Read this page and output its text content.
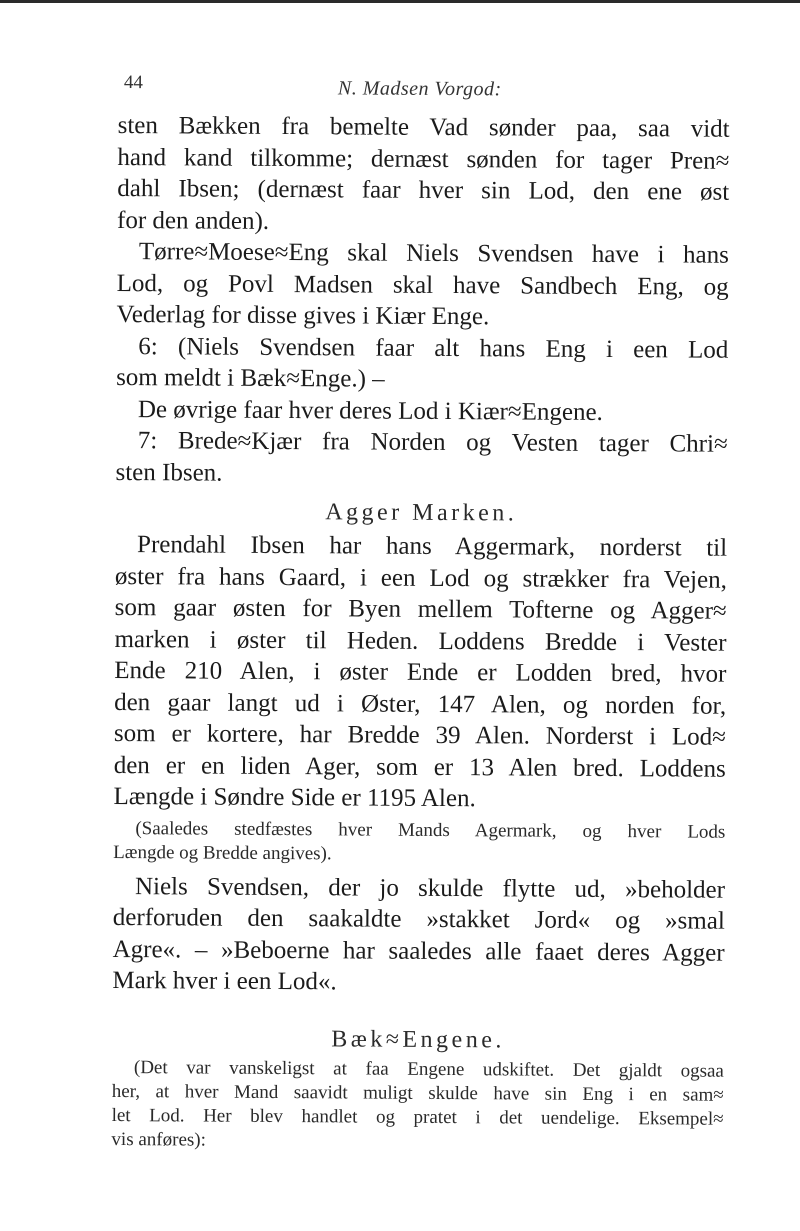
44	N. Madsen Vorgod:

sten Bækken fra bemelte Vad sønder paa, saa vidt
hand kand tilkomme; dernæst sønden for tager Pren≈
dahl Ibsen; (dernæst faar hver sin Lod, den ene øst
for den anden).

Tørre≈Moese≈Eng skal Niels Svendsen have i hans
Lod, og Povl Madsen skal have Sandbech Eng, og
Vederlag for disse gives i Kiær Enge.

6: (Niels Svendsen faar alt hans Eng i een Lod
som meldt i Bæk≈Enge.) –

De øvrige faar hver deres Lod i Kiær≈Engene.

7: Brede≈Kjær fra Norden og Vesten tager Chri≈
sten Ibsen.

Agger Marken.

Prendahl Ibsen har hans Aggermark, norderst til
øster fra hans Gaard, i een Lod og strækker fra Vejen,
som gaar østen for Byen mellem Tofterne og Agger≈
marken i øster til Heden. Loddens Bredde i Vester
Ende 210 Alen, i øster Ende er Lodden bred, hvor
den gaar langt ud i Øster, 147 Alen, og norden for,
som er kortere, har Bredde 39 Alen. Norderst i Lod≈
den er en liden Ager, som er 13 Alen bred. Loddens
Længde i Søndre Side er 1195 Alen.

(Saaledes stedfæstes hver Mands Agermark, og hver Lods
Længde og Bredde angives).

Niels Svendsen, der jo skulde flytte ud, »beholder
derforuden den saakaldte »stakket Jord« og »smal
Agre«. – »Beboerne har saaledes alle faaet deres Agger
Mark hver i een Lod«.

Bæk≈Engene.

(Det var vanskeligst at faa Engene udskiftet. Det gjaldt ogsaa
her, at hver Mand saavidt muligt skulde have sin Eng i en sam≈
let Lod. Her blev handlet og pratet i det uendelige. Eksempel≈
vis anføres):
